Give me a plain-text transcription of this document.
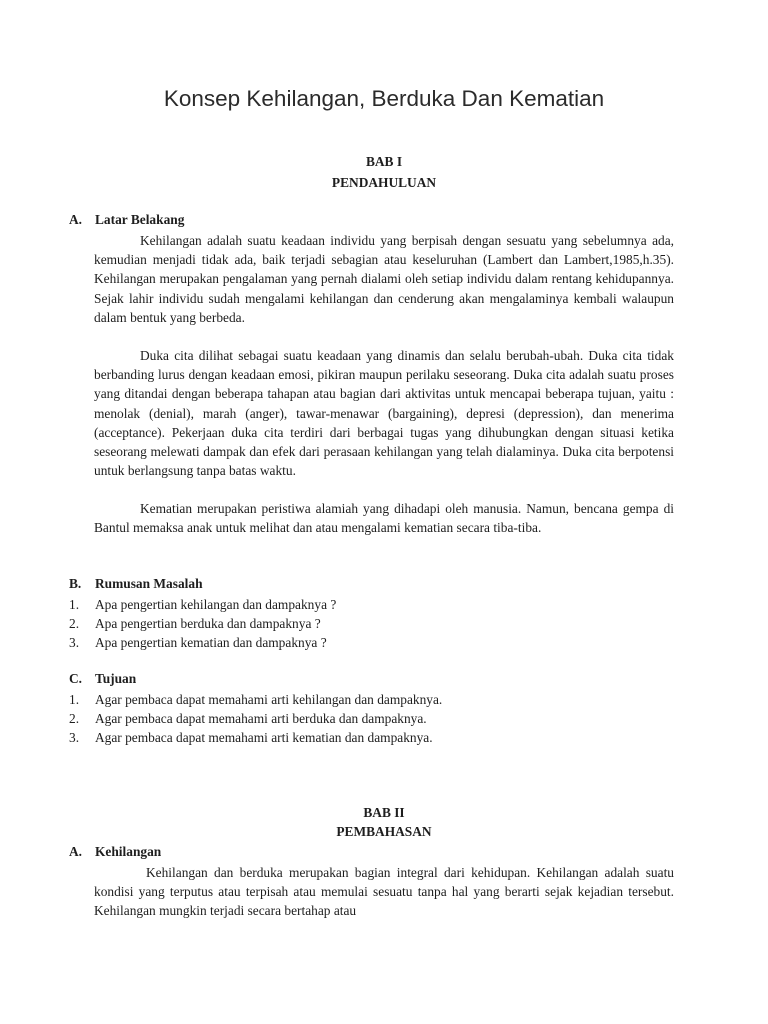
Konsep Kehilangan, Berduka Dan Kematian

BAB I

PENDAHULUAN

A. Latar Belakang

Kehilangan adalah suatu keadaan individu yang berpisah dengan sesuatu yang sebelumnya ada, kemudian menjadi tidak ada, baik terjadi sebagian atau keseluruhan (Lambert dan Lambert,1985,h.35). Kehilangan merupakan pengalaman yang pernah dialami oleh setiap individu dalam rentang kehidupannya. Sejak lahir individu sudah mengalami kehilangan dan cenderung akan mengalaminya kembali walaupun dalam bentuk yang berbeda.

Duka cita dilihat sebagai suatu keadaan yang dinamis dan selalu berubah-ubah. Duka cita tidak berbanding lurus dengan keadaan emosi, pikiran maupun perilaku seseorang. Duka cita adalah suatu proses yang ditandai dengan beberapa tahapan atau bagian dari aktivitas untuk mencapai beberapa tujuan, yaitu : menolak (denial), marah (anger), tawar-menawar (bargaining), depresi (depression), dan menerima (acceptance). Pekerjaan duka cita terdiri dari berbagai tugas yang dihubungkan dengan situasi ketika seseorang melewati dampak dan efek dari perasaan kehilangan yang telah dialaminya. Duka cita berpotensi untuk berlangsung tanpa batas waktu.

Kematian merupakan peristiwa alamiah yang dihadapi oleh manusia. Namun, bencana gempa di Bantul memaksa anak untuk melihat dan atau mengalami kematian secara tiba-tiba.

B. Rumusan Masalah

1. Apa pengertian kehilangan dan dampaknya ?
2. Apa pengertian berduka dan dampaknya ?
3. Apa pengertian kematian dan dampaknya ?

C. Tujuan

1. Agar pembaca dapat memahami arti kehilangan dan dampaknya.
2. Agar pembaca dapat memahami arti berduka dan dampaknya.
3. Agar pembaca dapat memahami arti kematian dan dampaknya.

BAB II

PEMBAHASAN

A. Kehilangan

Kehilangan dan berduka merupakan bagian integral dari kehidupan. Kehilangan adalah suatu kondisi yang terputus atau terpisah atau memulai sesuatu tanpa hal yang berarti sejak kejadian tersebut. Kehilangan mungkin terjadi secara bertahap atau
